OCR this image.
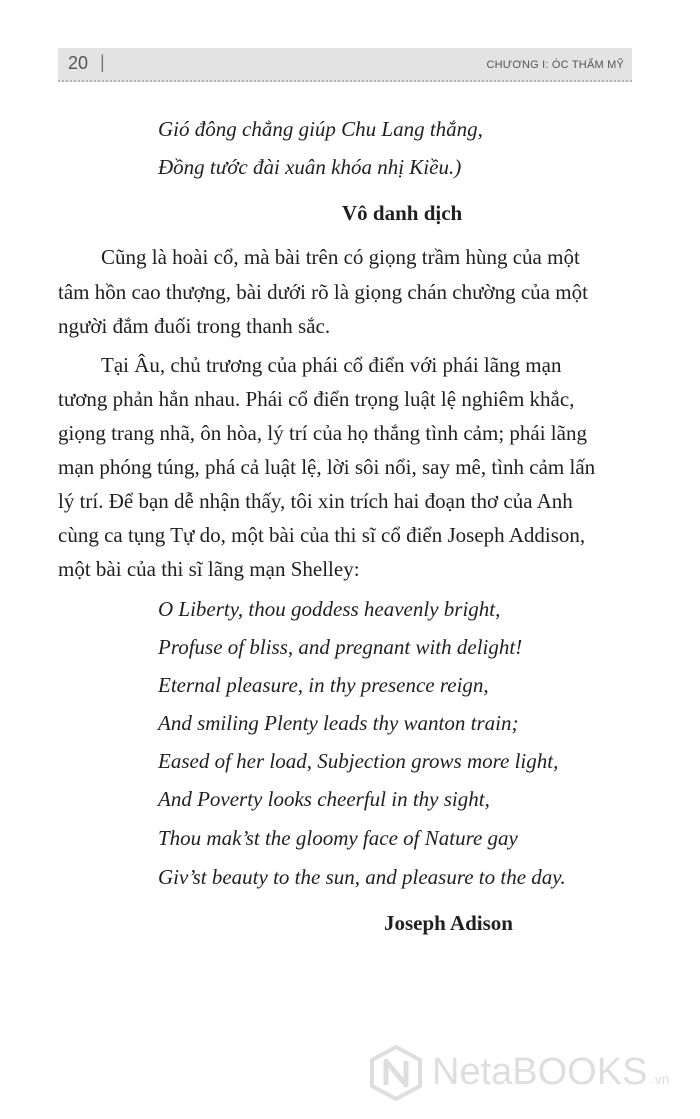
20 |	CHƯƠNG I: ÓC THẨM MỸ
Gió đông chẳng giúp Chu Lang thắng,
Đồng tước đài xuân khóa nhị Kiều.)
Vô danh dịch
Cũng là hoài cổ, mà bài trên có giọng trầm hùng của một
tâm hồn cao thượng, bài dưới rõ là giọng chán chường của một
người đắm đuối trong thanh sắc.
Tại Âu, chủ trương của phái cổ điển với phái lãng mạn
tương phản hẳn nhau. Phái cổ điển trọng luật lệ nghiêm khắc,
giọng trang nhã, ôn hòa, lý trí của họ thắng tình cảm; phái lãng
mạn phóng túng, phá cả luật lệ, lời sôi nổi, say mê, tình cảm lấn
lý trí. Để bạn dễ nhận thấy, tôi xin trích hai đoạn thơ của Anh
cùng ca tụng Tự do, một bài của thi sĩ cổ điển Joseph Addison,
một bài của thi sĩ lãng mạn Shelley:
O Liberty, thou goddess heavenly bright,
Profuse of bliss, and pregnant with delight!
Eternal pleasure, in thy presence reign,
And smiling Plenty leads thy wanton train;
Eased of her load, Subjection grows more light,
And Poverty looks cheerful in thy sight,
Thou mak’st the gloomy face of Nature gay
Giv’st beauty to the sun, and pleasure to the day.
Joseph Adison
NetaBOOKS .vn
